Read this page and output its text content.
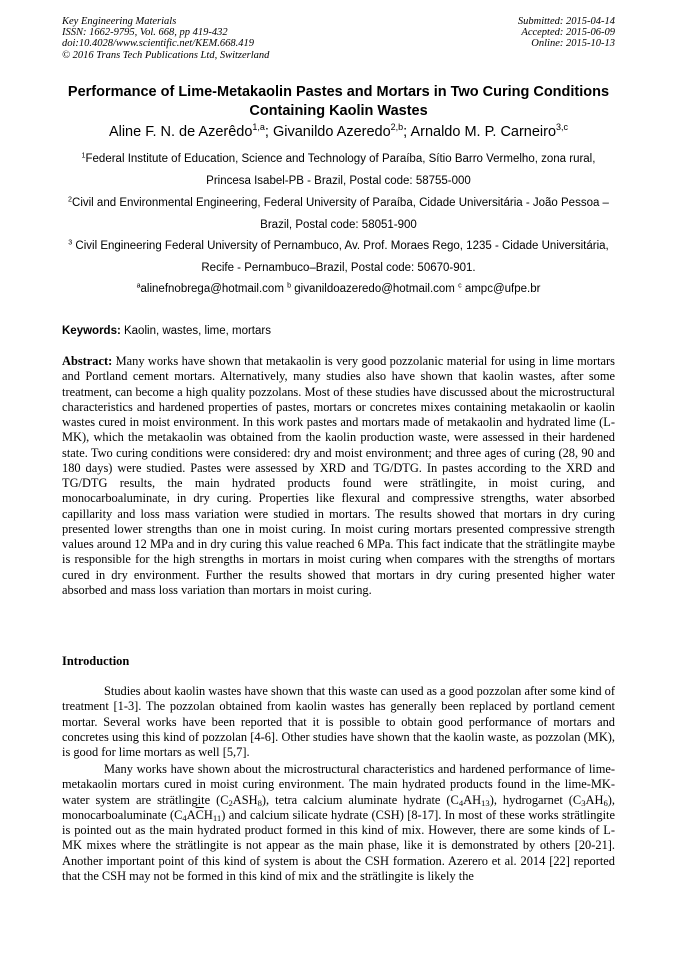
Key Engineering Materials
ISSN: 1662-9795, Vol. 668, pp 419-432
doi:10.4028/www.scientific.net/KEM.668.419
© 2016 Trans Tech Publications Ltd, Switzerland
Submitted: 2015-04-14
Accepted: 2015-06-09
Online: 2015-10-13
Performance of Lime-Metakaolin Pastes and Mortars in Two Curing Conditions Containing Kaolin Wastes
Aline F. N. de Azerêdo$^{1,a}$; Givanildo Azeredo$^{2,b}$; Arnaldo M. P. Carneiro$^{3,c}$
$^1$Federal Institute of Education, Science and Technology of Paraíba, Sítio Barro Vermelho, zona rural, Princesa Isabel-PB - Brazil, Postal code: 58755-000
$^2$Civil and Environmental Engineering, Federal University of Paraíba, Cidade Universitária - João Pessoa – Brazil, Postal code: 58051-900
$^3$ Civil Engineering Federal University of Pernambuco, Av. Prof. Moraes Rego, 1235 - Cidade Universitária, Recife - Pernambuco–Brazil, Postal code: 50670-901.
$^a$alinefnobrega@hotmail.com $^b$ givanildoazeredo@hotmail.com $^c$ ampc@ufpe.br
Keywords: Kaolin, wastes, lime, mortars

Abstract: Many works have shown that metakaolin is very good pozzolanic material for using in lime mortars and Portland cement mortars. Alternatively, many studies also have shown that kaolin wastes, after some treatment, can become a high quality pozzolans. Most of these studies have discussed about the microstructural characteristics and hardened properties of pastes, mortars or concretes mixes containing metakaolin or kaolin wastes cured in moist environment. In this work pastes and mortars made of metakaolin and hydrated lime (L-MK), which the metakaolin was obtained from the kaolin production waste, were assessed in their hardened state. Two curing conditions were considered: dry and moist environment; and three ages of curing (28, 90 and 180 days) were studied. Pastes were assessed by XRD and TG/DTG. In pastes according to the XRD and TG/DTG results, the main hydrated products found were strätlingite, in moist curing, and monocarboaluminate, in dry curing. Properties like flexural and compressive strengths, water absorbed capillarity and loss mass variation were studied in mortars. The results showed that mortars in dry curing presented lower strengths than one in moist curing. In moist curing mortars presented compressive strength values around 12 MPa and in dry curing this value reached 6 MPa. This fact indicate that the strätlingite maybe is responsible for the high strengths in mortars in moist curing when compares with the strengths of mortars cured in dry environment. Further the results showed that mortars in dry curing presented higher water absorbed and mass loss variation than mortars in moist curing.

Introduction

Studies about kaolin wastes have shown that this waste can used as a good pozzolan after some kind of treatment [1-3]. The pozzolan obtained from kaolin wastes has generally been replaced by portland cement mortar. Several works have been reported that it is possible to obtain good performance of mortars and concretes using this kind of pozzolan [4-6]. Other studies have shown that the kaolin waste, as pozzolan (MK), is good for lime mortars as well [5,7].

Many works have shown about the microstructural characteristics and hardened performance of lime-metakaolin mortars cured in moist curing environment. The main hydrated products found in the lime-MK-water system are strätlingite $(C_2ASH_8)$, tetra calcium aluminate hydrate $(C_4AH_{13})$, hydrogarnet $(C_3AH_6)$, monocarboaluminate $(C_4A\overline{C}H_{11})$ and calcium silicate hydrate (CSH) [8-17]. In most of these works strätlingite is pointed out as the main hydrated product formed in this kind of mix. However, there are some kinds of L-MK mixes where the strätlingite is not appear as the main phase, like it is demonstrated by others [20-21]. Another important point of this kind of system is about the CSH formation. Azerero et al. 2014 [22] reported that the CSH may not be formed in this kind of mix and the strätlingite is likely the
